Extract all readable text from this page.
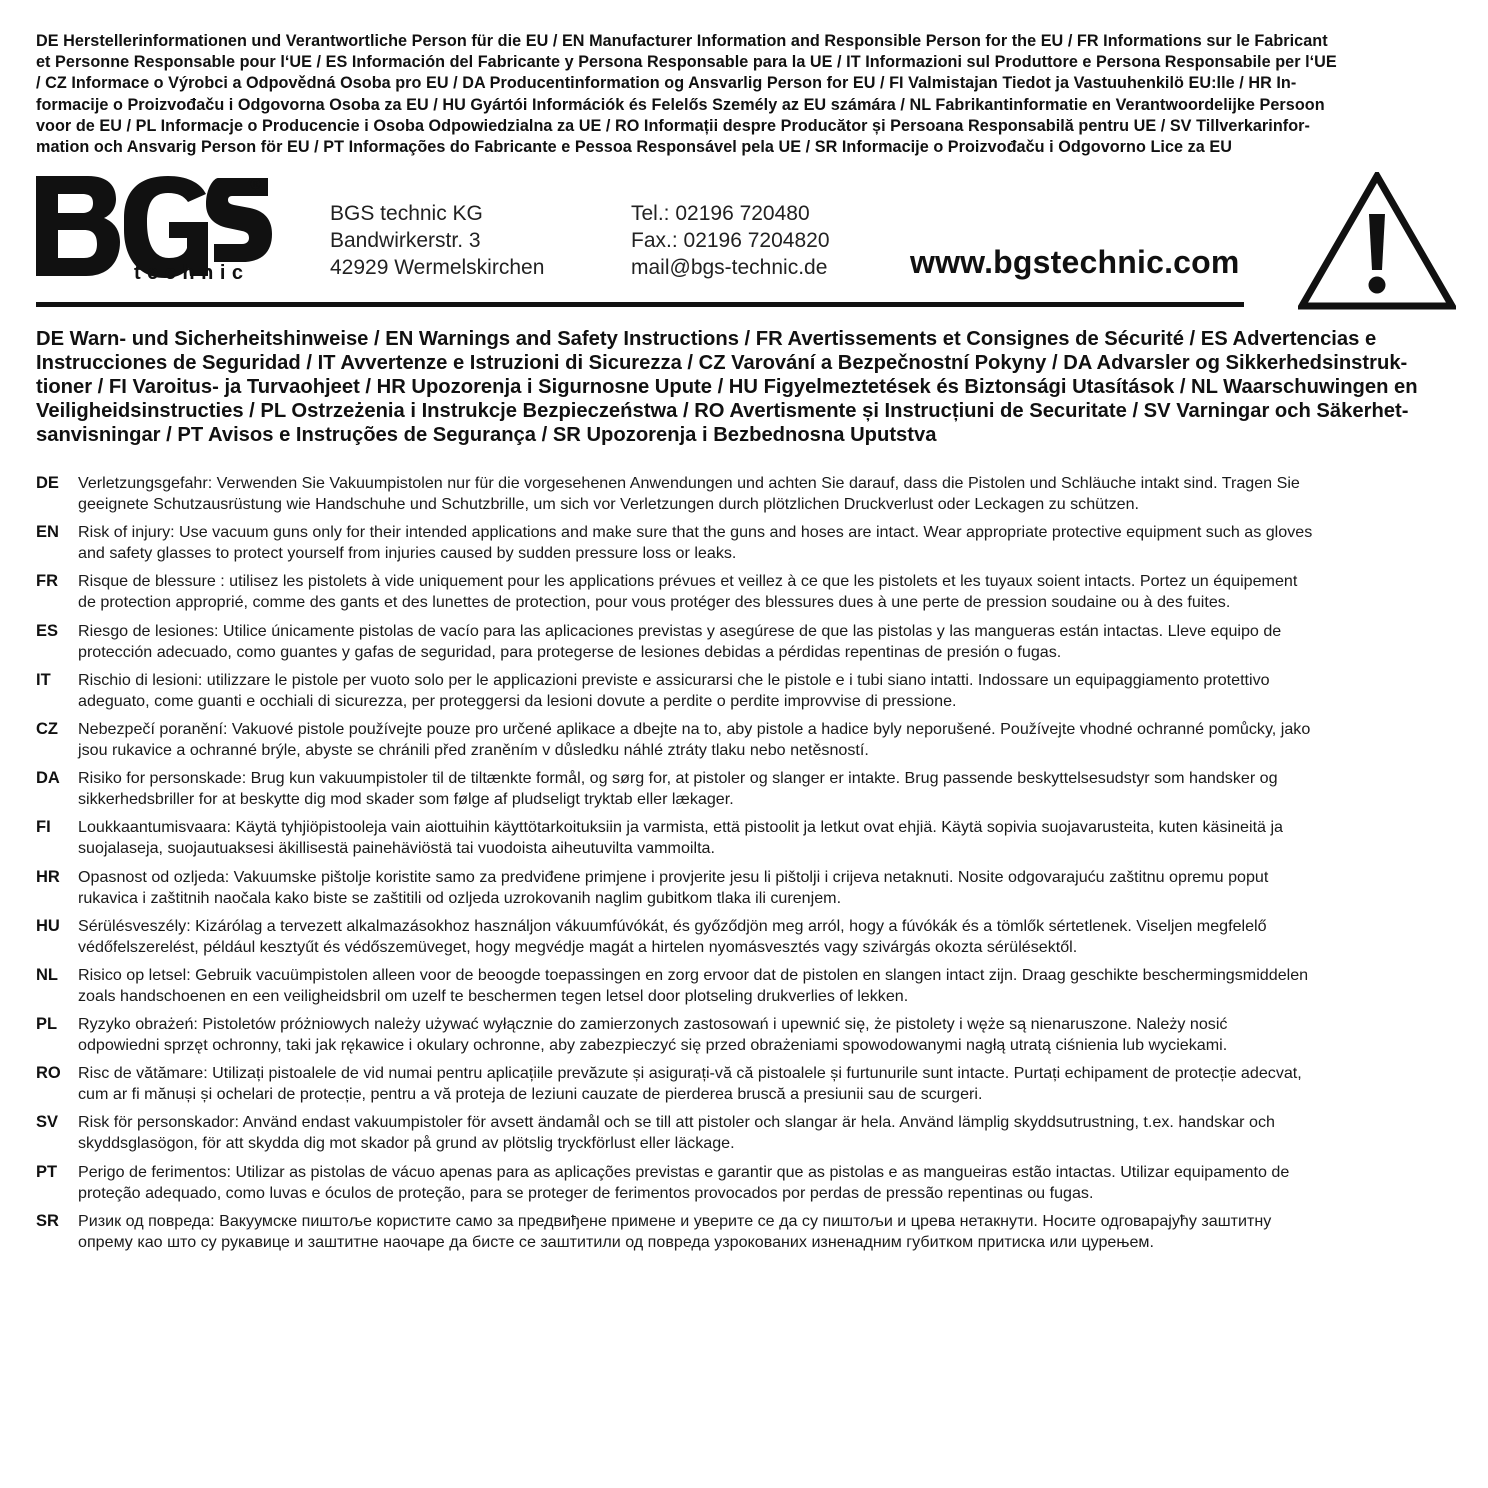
DE Herstellerinformationen und Verantwortliche Person für die EU / EN Manufacturer Information and Responsible Person for the EU / FR Informations sur le Fabricant
et Personne Responsable pour l‘UE / ES Información del Fabricante y Persona Responsable para la UE / IT Informazioni sul Produttore e Persona Responsabile per l‘UE
/ CZ Informace o Výrobci a Odpovědná Osoba pro EU / DA Producentinformation og Ansvarlig Person for EU / FI Valmistajan Tiedot ja Vastuuhenkilö EU:lle / HR In-
formacije o Proizvođaču i Odgovorna Osoba za EU / HU Gyártói Információk és Felelős Személy az EU számára / NL Fabrikantinformatie en Verantwoordelijke Persoon
voor de EU / PL Informacje o Producencie i Osoba Odpowiedzialna za UE / RO Informații despre Producător și Persoana Responsabilă pentru UE / SV Tillverkarinfor-
mation och Ansvarig Person för EU / PT Informações do Fabricante e Pessoa Responsável pela UE / SR Informacije o Proizvođaču i Odgovorno Lice za EU
technic
®
BGS technic KG
Bandwirkerstr. 3
42929 Wermelskirchen
Tel.: 02196 720480
Fax.: 02196 7204820
mail@bgs-technic.de	www.bgstechnic.com
DE Warn- und Sicherheitshinweise / EN Warnings and Safety Instructions / FR Avertissements et Consignes de Sécurité / ES Advertencias e
Instrucciones de Seguridad / IT Avvertenze e Istruzioni di Sicurezza / CZ Varování a Bezpečnostní Pokyny / DA Advarsler og Sikkerhedsinstruk-
tioner / FI Varoitus- ja Turvaohjeet / HR Upozorenja i Sigurnosne Upute / HU Figyelmeztetések és Biztonsági Utasítások / NL Waarschuwingen en
Veiligheidsinstructies / PL Ostrzeżenia i Instrukcje Bezpieczeństwa / RO Avertismente și Instrucțiuni de Securitate / SV Varningar och Säkerhet-
sanvisningar / PT Avisos e Instruções de Segurança / SR Upozorenja i Bezbednosna Uputstva
DE	Verletzungsgefahr: Verwenden Sie Vakuumpistolen nur für die vorgesehenen Anwendungen und achten Sie darauf, dass die Pistolen und Schläuche intakt sind. Tragen Sie
geeignete Schutzausrüstung wie Handschuhe und Schutzbrille, um sich vor Verletzungen durch plötzlichen Druckverlust oder Leckagen zu schützen.
EN	Risk of injury: Use vacuum guns only for their intended applications and make sure that the guns and hoses are intact. Wear appropriate protective equipment such as gloves
and safety glasses to protect yourself from injuries caused by sudden pressure loss or leaks.
FR	Risque de blessure : utilisez les pistolets à vide uniquement pour les applications prévues et veillez à ce que les pistolets et les tuyaux soient intacts. Portez un équipement
de protection approprié, comme des gants et des lunettes de protection, pour vous protéger des blessures dues à une perte de pression soudaine ou à des fuites.
ES	Riesgo de lesiones: Utilice únicamente pistolas de vacío para las aplicaciones previstas y asegúrese de que las pistolas y las mangueras están intactas. Lleve equipo de
protección adecuado, como guantes y gafas de seguridad, para protegerse de lesiones debidas a pérdidas repentinas de presión o fugas.
IT	Rischio di lesioni: utilizzare le pistole per vuoto solo per le applicazioni previste e assicurarsi che le pistole e i tubi siano intatti. Indossare un equipaggiamento protettivo
adeguato, come guanti e occhiali di sicurezza, per proteggersi da lesioni dovute a perdite o perdite improvvise di pressione.
CZ	Nebezpečí poranění: Vakuové pistole používejte pouze pro určené aplikace a dbejte na to, aby pistole a hadice byly neporušené. Používejte vhodné ochranné pomůcky, jako
jsou rukavice a ochranné brýle, abyste se chránili před zraněním v důsledku náhlé ztráty tlaku nebo netěsností.
DA	Risiko for personskade: Brug kun vakuumpistoler til de tiltænkte formål, og sørg for, at pistoler og slanger er intakte. Brug passende beskyttelsesudstyr som handsker og
sikkerhedsbriller for at beskytte dig mod skader som følge af pludseligt tryktab eller lækager.
FI	Loukkaantumisvaara: Käytä tyhjiöpistooleja vain aiottuihin käyttötarkoituksiin ja varmista, että pistoolit ja letkut ovat ehjiä. Käytä sopivia suojavarusteita, kuten käsineitä ja
suojalaseja, suojautuaksesi äkillisestä painehäviöstä tai vuodoista aiheutuvilta vammoilta.
HR	Opasnost od ozljeda: Vakuumske pištolje koristite samo za predviđene primjene i provjerite jesu li pištolji i crijeva netaknuti. Nosite odgovarajuću zaštitnu opremu poput
rukavica i zaštitnih naočala kako biste se zaštitili od ozljeda uzrokovanih naglim gubitkom tlaka ili curenjem.
HU	Sérülésveszély: Kizárólag a tervezett alkalmazásokhoz használjon vákuumfúvókát, és győződjön meg arról, hogy a fúvókák és a tömlők sértetlenek. Viseljen megfelelő
védőfelszerelést, például kesztyűt és védőszemüveget, hogy megvédje magát a hirtelen nyomásvesztés vagy szivárgás okozta sérülésektől.
NL	Risico op letsel: Gebruik vacuümpistolen alleen voor de beoogde toepassingen en zorg ervoor dat de pistolen en slangen intact zijn. Draag geschikte beschermingsmiddelen
zoals handschoenen en een veiligheidsbril om uzelf te beschermen tegen letsel door plotseling drukverlies of lekken.
PL	Ryzyko obrażeń: Pistoletów próżniowych należy używać wyłącznie do zamierzonych zastosowań i upewnić się, że pistolety i węże są nienaruszone. Należy nosić
odpowiedni sprzęt ochronny, taki jak rękawice i okulary ochronne, aby zabezpieczyć się przed obrażeniami spowodowanymi nagłą utratą ciśnienia lub wyciekami.
RO	Risc de vătămare: Utilizați pistoalele de vid numai pentru aplicațiile prevăzute și asigurați-vă că pistoalele și furtunurile sunt intacte. Purtați echipament de protecție adecvat,
cum ar fi mănuși și ochelari de protecție, pentru a vă proteja de leziuni cauzate de pierderea bruscă a presiunii sau de scurgeri.
SV	Risk för personskador: Använd endast vakuumpistoler för avsett ändamål och se till att pistoler och slangar är hela. Använd lämplig skyddsutrustning, t.ex. handskar och
skyddsglasögon, för att skydda dig mot skador på grund av plötslig tryckförlust eller läckage.
PT	Perigo de ferimentos: Utilizar as pistolas de vácuo apenas para as aplicações previstas e garantir que as pistolas e as mangueiras estão intactas. Utilizar equipamento de
proteção adequado, como luvas e óculos de proteção, para se proteger de ferimentos provocados por perdas de pressão repentinas ou fugas.
SR	Ризик од повреда: Вакуумске пиштоље користите само за предвиђене примене и уверите се да су пиштољи и црева нетакнути. Носите одговарајућу заштитну
опрему као што су рукавице и заштитне наочаре да бисте се заштитили од повреда узрокованих изненадним губитком притиска или цурењем.
